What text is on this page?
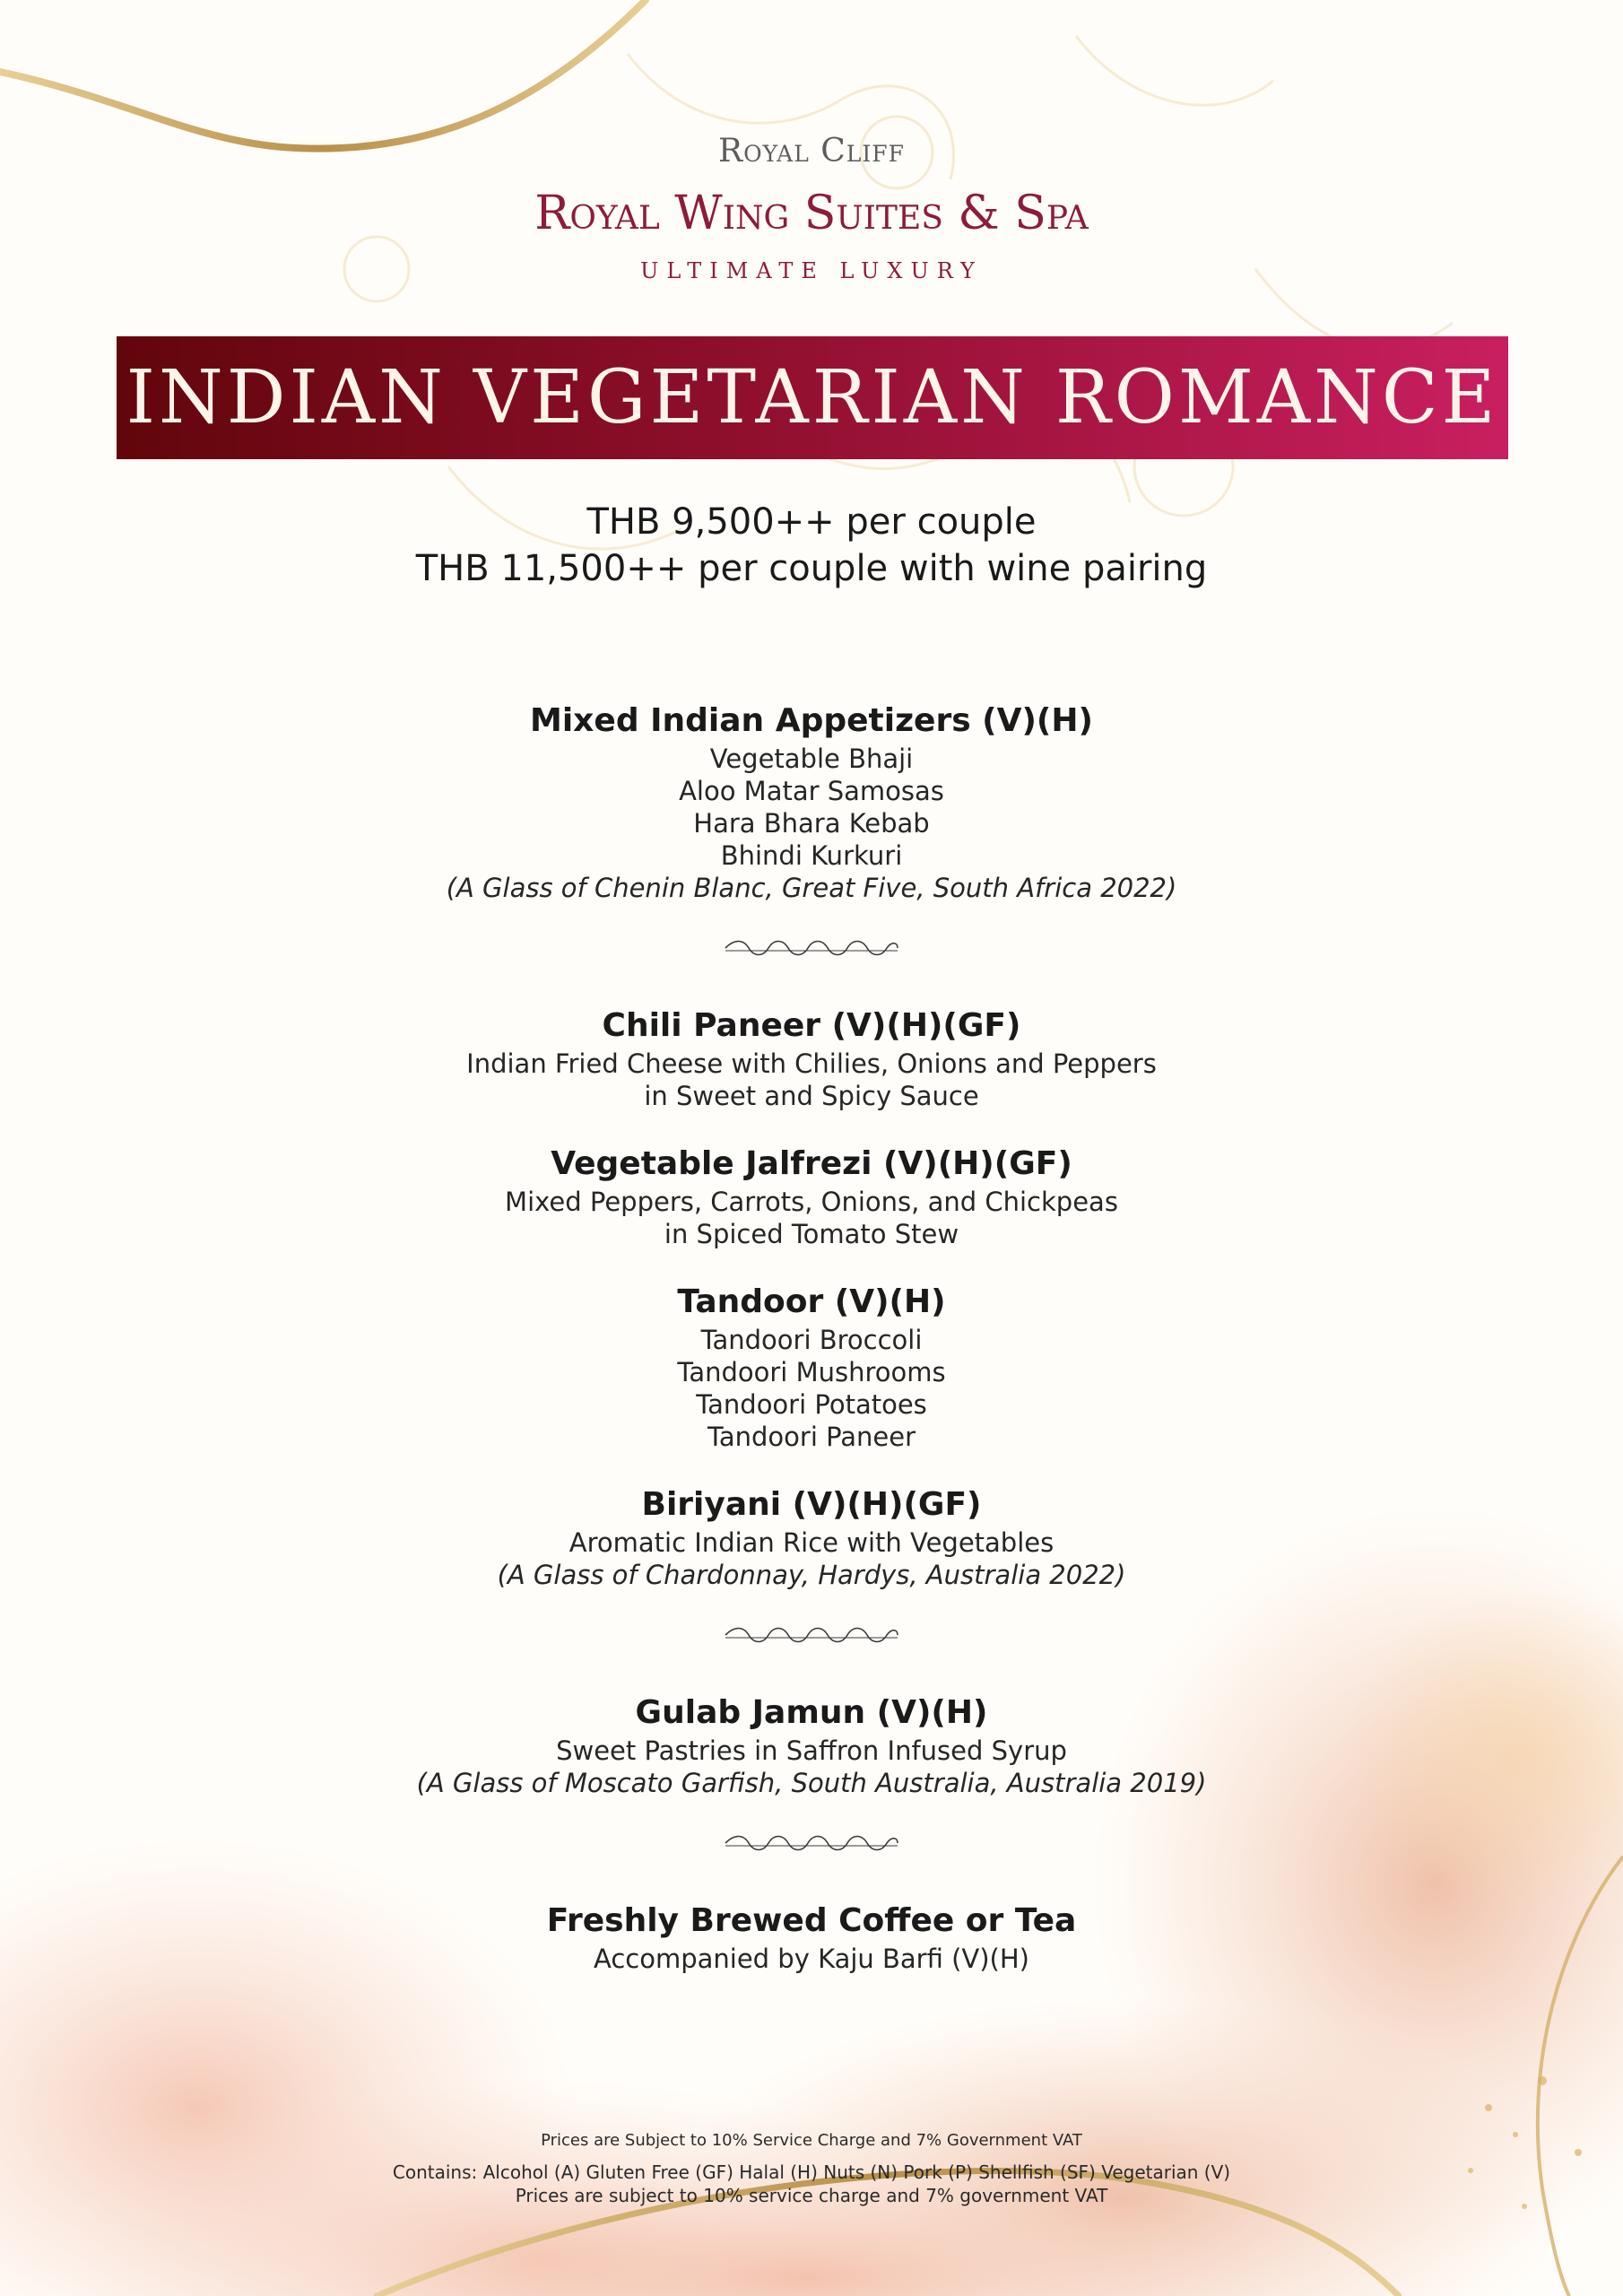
Royal Cliff
Royal Wing Suites & Spa
ULTIMATE LUXURY
INDIAN VEGETARIAN ROMANCE
THB 9,500++ per couple
THB 11,500++ per couple with wine pairing
Mixed Indian Appetizers (V)(H)
Vegetable Bhaji
Aloo Matar Samosas
Hara Bhara Kebab
Bhindi Kurkuri
(A Glass of Chenin Blanc, Great Five, South Africa 2022)
Chili Paneer (V)(H)(GF)
Indian Fried Cheese with Chilies, Onions and Peppers
in Sweet and Spicy Sauce
Vegetable Jalfrezi (V)(H)(GF)
Mixed Peppers, Carrots, Onions, and Chickpeas
in Spiced Tomato Stew
Tandoor (V)(H)
Tandoori Broccoli
Tandoori Mushrooms
Tandoori Potatoes
Tandoori Paneer
Biriyani (V)(H)(GF)
Aromatic Indian Rice with Vegetables
(A Glass of Chardonnay, Hardys, Australia 2022)
Gulab Jamun (V)(H)
Sweet Pastries in Saffron Infused Syrup
(A Glass of Moscato Garfish, South Australia, Australia 2019)
Freshly Brewed Coffee or Tea
Accompanied by Kaju Barfi (V)(H)
Prices are Subject to 10% Service Charge and 7% Government VAT
Contains: Alcohol (A) Gluten Free (GF) Halal (H) Nuts (N) Pork (P) Shellfish (SF) Vegetarian (V)
Prices are subject to 10% service charge and 7% government VAT
